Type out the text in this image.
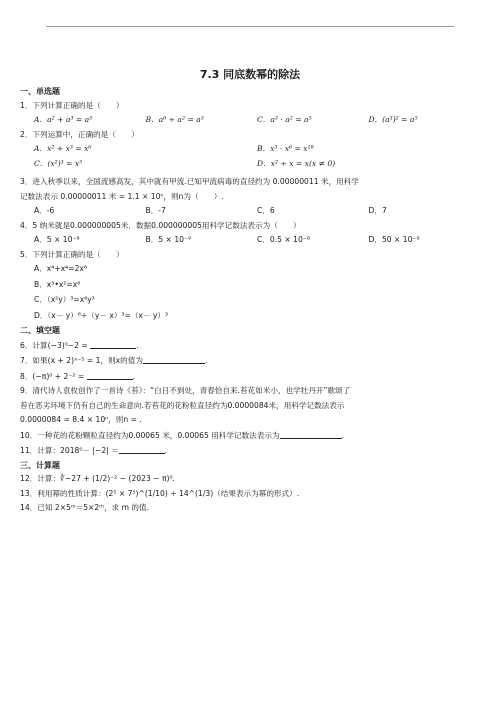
7.3 同底数幂的除法
一、单选题
1．下列计算正确的是（　　）
A．a² + a³ = a⁵	B．a⁶ ÷ a² = a³	C．a³ · a² = a⁵	D．(a³)² = a⁵
2．下列运算中，正确的是（　　）
A．x² + x³ = x⁶	B．x³ · x⁶ = x¹⁸
C．(x²)³ = x⁵	D．x² ÷ x = x(x ≠ 0)
3．进入秋季以来，全国流感高发，其中就有甲流.已知甲流病毒的直径约为 0.00000011 米，用科学
记数法表示 0.00000011 米 = 1.1 × 10ⁿ，则n为（　　）.
A．-6	B．-7	C．6	D．7
4．5 纳米就是0.000000005米．数据0.000000005用科学记数法表示为（　　）
A．5 × 10⁻⁸	B．5 × 10⁻⁹	C．0.5 × 10⁻⁸	D．50 × 10⁻⁹
5．下列计算正确的是（　　）
A．x⁴+x⁴=2x⁸
B．x³•x²=x⁶
C．（x²y）³=x⁶y³
D．（x－ y）⁶÷（y－ x）³=（x－ y）³
二、填空题
6．计算(−3)⁰−2 =	.
7．如果(x + 2)ˣ⁻⁵ = 1，则x的值为	.
8．(−π)⁰ + 2⁻² =	.
9．清代诗人袁枚创作了一首诗《苔》：“白日不到处，青春恰自来.苔花如米小，也学牡丹开”歌颂了
苔在恶劣环境下仍有自己的生命意向.若苔花的花粉粒直径约为0.0000084米，用科学记数法表示
0.0000084 = 8.4 × 10ⁿ，则n = .
10．一种花的花粉颗粒直径约为0.00065 米，0.00065 用科学记数法表示为	.
11．计算：2018⁰－ |−2| ＝	.
三、计算题
12．计算：∛−27 + (1/2)⁻² − (2023 − π)⁰.
13．利用幂的性质计算：(2⁵ × 7⁵)^(1/10) ÷ 14^(1/3)（结果表示为幂的形式）.
14．已知 2×5ᵐ＝5×2ᵐ，求 m 的值.
